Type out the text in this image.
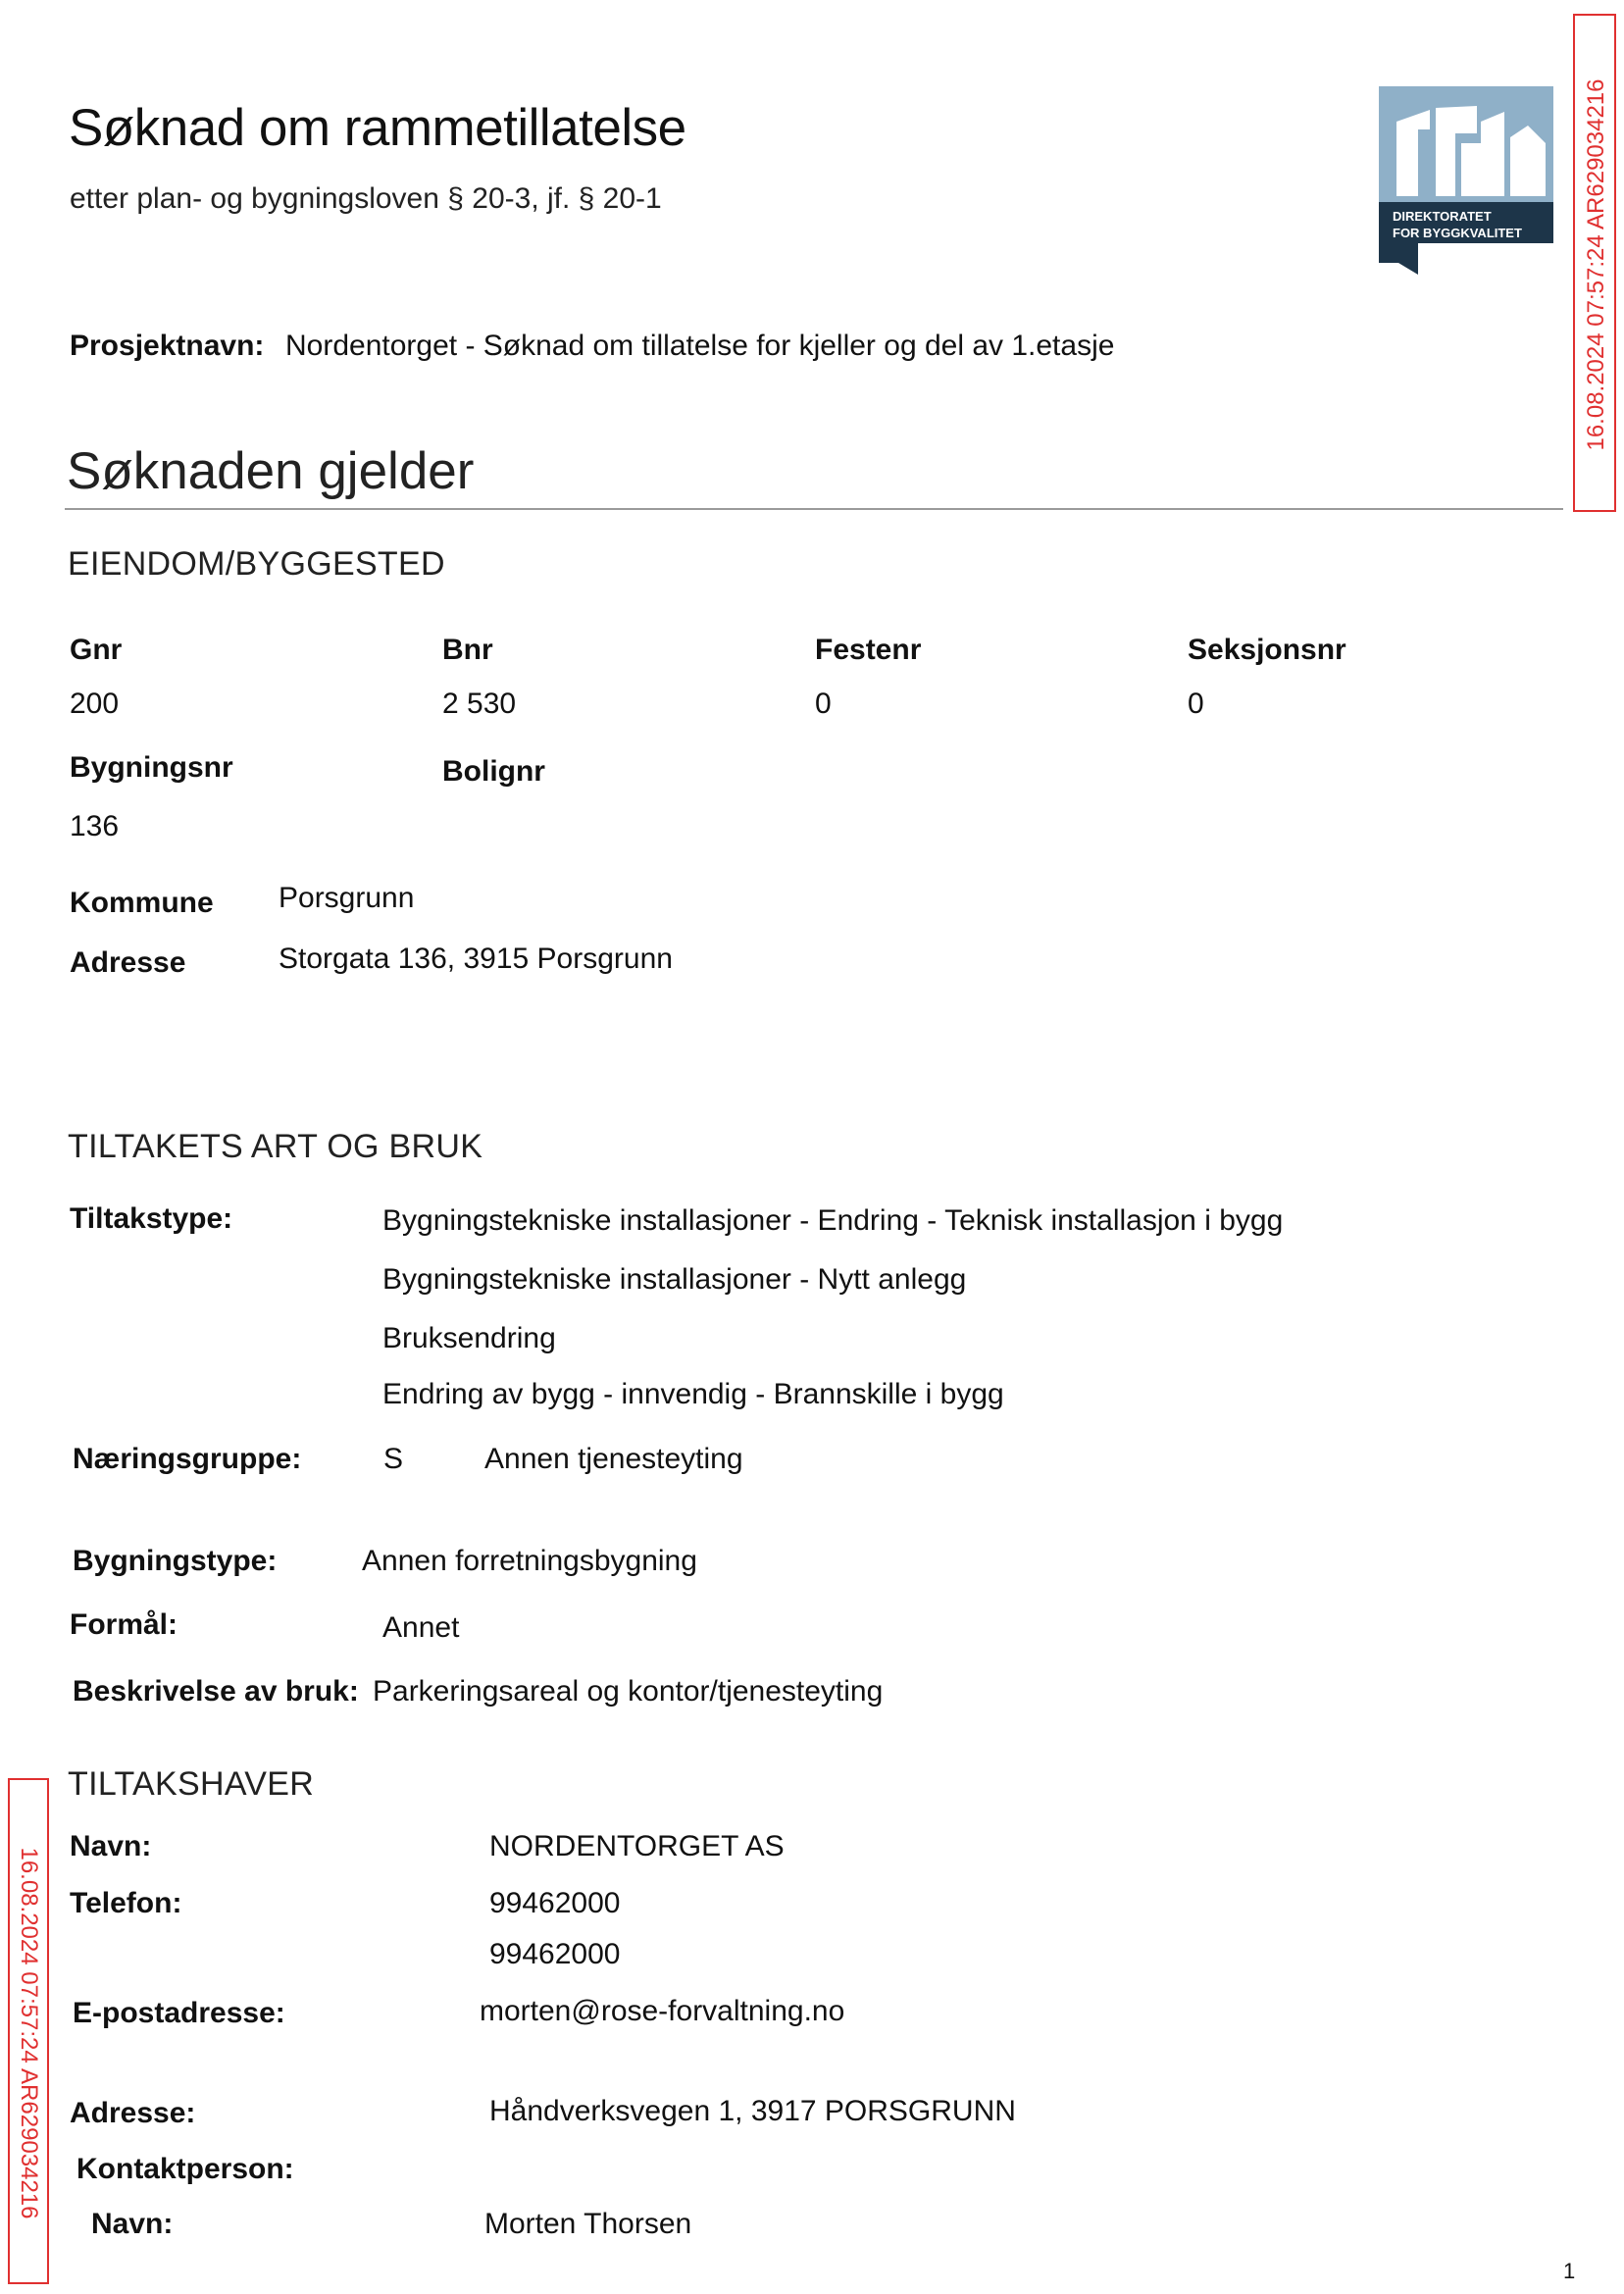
Søknad om rammetillatelse
etter plan- og bygningsloven § 20-3, jf. § 20-1
DIREKTORATET
FOR BYGGKVALITET	16.08.2024 07:57:24 AR629034216
Prosjektnavn: Nordentorget - Søknad om tillatelse for kjeller og del av 1.etasje
Søknaden gjelder
EIENDOM/BYGGESTED
Gnr	Bnr	Festenr	Seksjonsnr
200	2 530	0	0
Bygningsnr	Bolignr
136
Kommune Porsgrunn
Adresse	Storgata 136, 3915 Porsgrunn
TILTAKETS ART OG BRUK
Tiltakstype:	Bygningstekniske installasjoner - Endring - Teknisk installasjon i bygg
Bygningstekniske installasjoner - Nytt anlegg
Bruksendring
Endring av bygg - innvendig - Brannskille i bygg
Næringsgruppe:	S	Annen tjenesteyting
Bygningstype:	Annen forretningsbygning
Formål:	Annet
Beskrivelse av bruk: Parkeringsareal og kontor/tjenesteyting
16.08.2024 07:57:24 AR629034216
TILTAKSHAVER
Navn:	NORDENTORGET AS
Telefon:	99462000
99462000
E-postadresse:	morten@rose-forvaltning.no
Adresse:	Håndverksvegen 1, 3917 PORSGRUNN
Kontaktperson:
Navn:	Morten Thorsen
1
